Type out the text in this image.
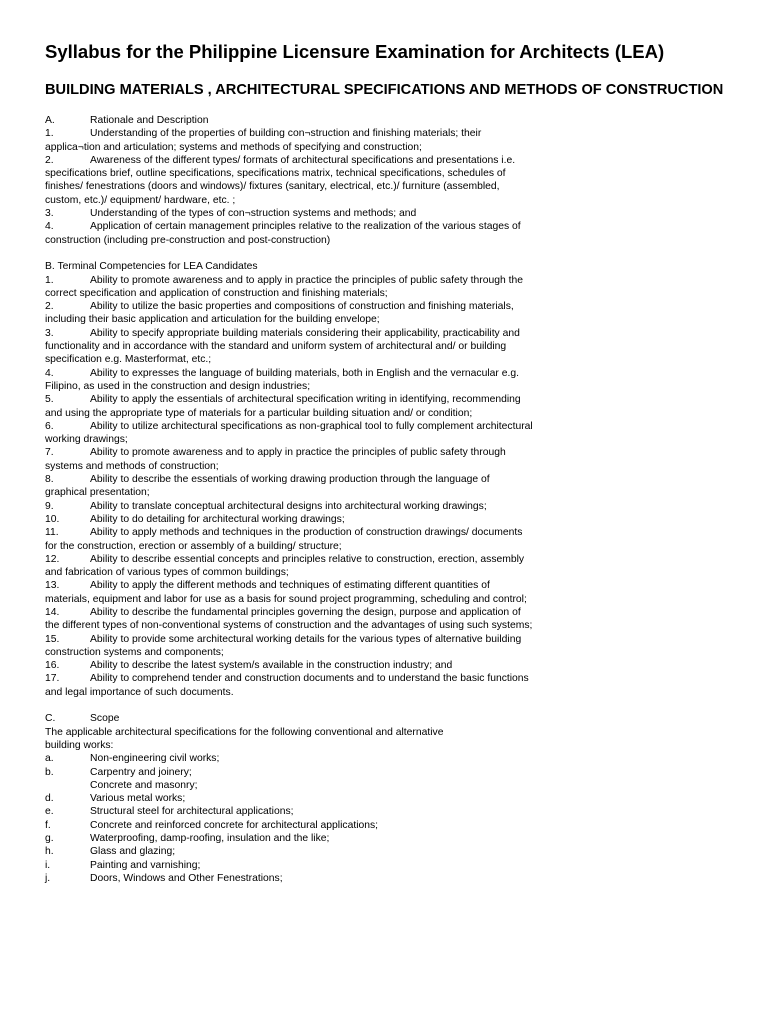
Syllabus for the Philippine Licensure Examination for Architects (LEA)
BUILDING MATERIALS , ARCHITECTURAL SPECIFICATIONS AND METHODS OF CONSTRUCTION
A.	Rationale and Description
1.	Understanding of the properties of building con¬struction and finishing materials; their applica¬tion and articulation; systems and methods of specifying and construction;
2.	Awareness of the different types/ formats of architectural specifications and presentations i.e. specifications brief, outline specifications, specifications matrix, technical specifications, schedules of finishes/ fenestrations (doors and windows)/ fixtures (sanitary, electrical, etc.)/ furniture (assembled, custom, etc.)/ equipment/ hardware, etc. ;
3.	Understanding of the types of con¬struction systems and methods; and
4.	Application of certain management principles relative to the realization of the various stages of construction (including pre-construction and post-construction)
B. Terminal Competencies for LEA Candidates
1.	Ability to promote awareness and to apply in practice the principles of public safety through the correct specification and application of construction and finishing materials;
2.	Ability to utilize the basic properties and compositions of construction and finishing materials, including their basic application and articulation for the building envelope;
3.	Ability to specify appropriate building materials considering their applicability, practicability and functionality and in accordance with the standard and uniform system of architectural and/ or building specification e.g. Masterformat, etc.;
4.	Ability to expresses the language of building materials, both in English and the vernacular e.g. Filipino, as used in the construction and design industries;
5.	Ability to apply the essentials of architectural specification writing in identifying, recommending and using the appropriate type of materials for a particular building situation and/ or condition;
6.	Ability to utilize architectural specifications as non-graphical tool to fully complement architectural working drawings;
7.	Ability to promote awareness and to apply in practice the principles of public safety through systems and methods of construction;
8.	Ability to describe the essentials of working drawing production through the language of graphical presentation;
9.	Ability to translate conceptual architectural designs into architectural working drawings;
10.	Ability to do detailing for architectural working drawings;
11.	Ability to apply methods and techniques in the production of construction drawings/ documents for the construction, erection or assembly of a building/ structure;
12.	Ability to describe essential concepts and principles relative to construction, erection, assembly and fabrication of various types of common buildings;
13.	Ability to apply the different methods and techniques of estimating different quantities of materials, equipment and labor for use as a basis for sound project programming, scheduling and control;
14.	Ability to describe the fundamental principles governing the design, purpose and application of the different types of non-conventional systems of construction and the advantages of using such systems;
15.	Ability to provide some architectural working details for the various types of alternative building construction systems and components;
16.	Ability to describe the latest system/s available in the construction industry; and
17.	Ability to comprehend tender and construction documents and to understand the basic functions and legal importance of such documents.
C.	Scope
The applicable architectural specifications for the following conventional and alternative building works:
a.	Non-engineering civil works;
b.	Carpentry and joinery;
Concrete and masonry;
d.	Various metal works;
e.	Structural steel for architectural applications;
f.	Concrete and reinforced concrete for architectural applications;
g.	Waterproofing, damp-roofing, insulation and the like;
h.	Glass and glazing;
i.	Painting and varnishing;
j.	Doors, Windows and Other Fenestrations;
